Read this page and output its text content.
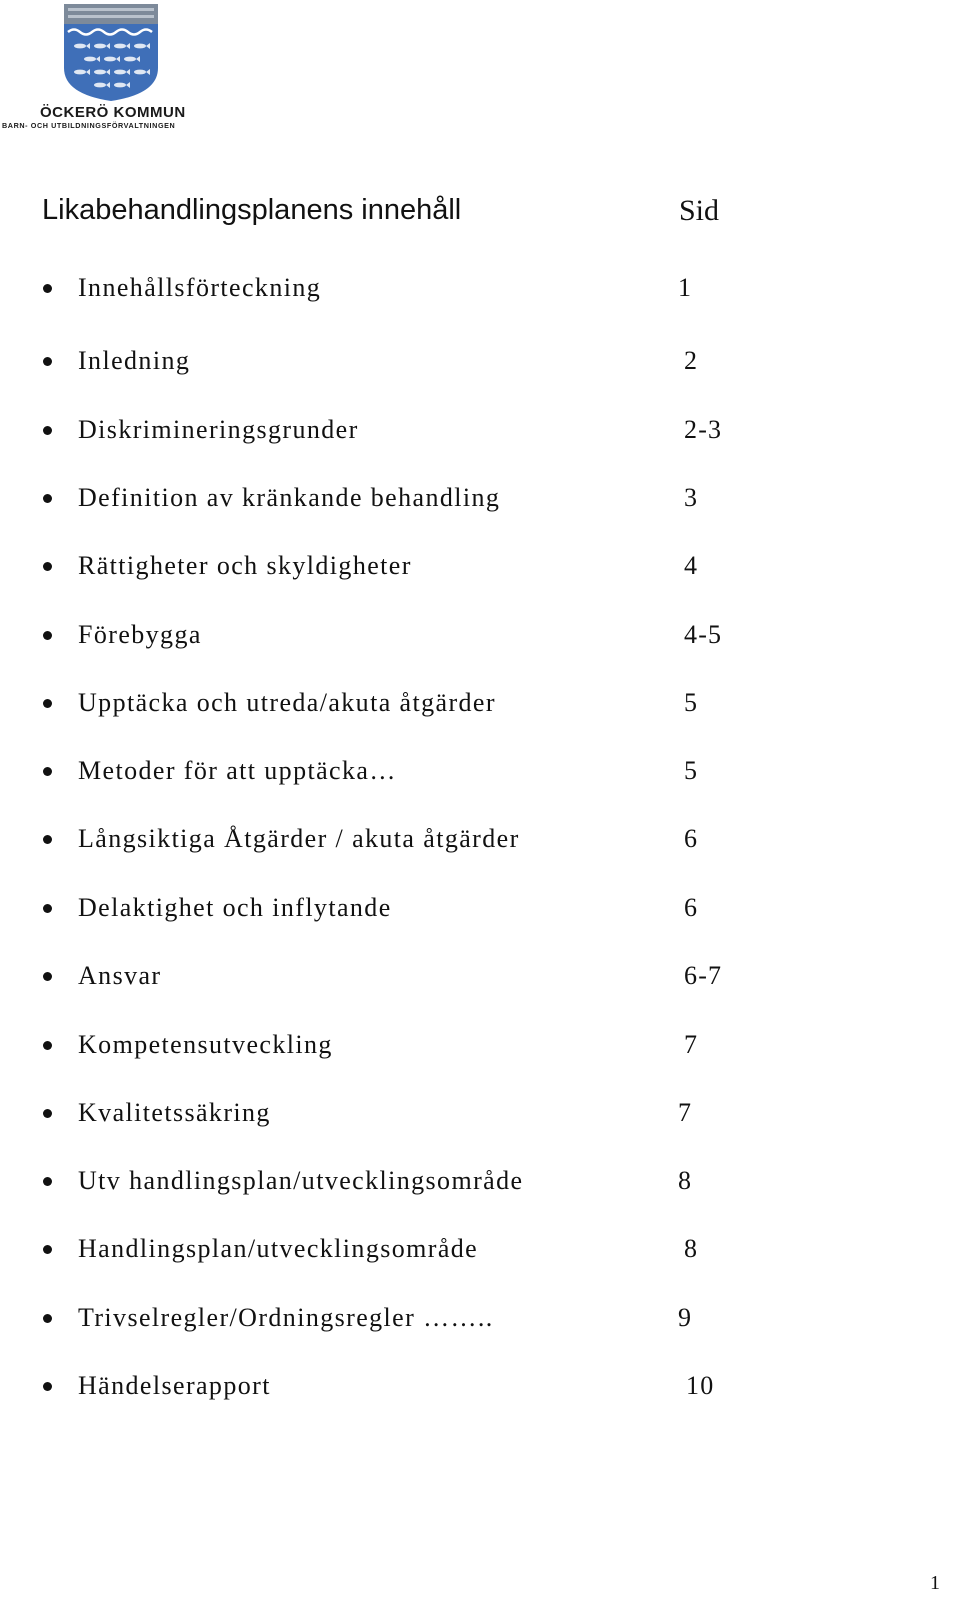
ÖCKERÖ KOMMUN
BARN- OCH UTBILDNINGSFÖRVALTNINGEN
Likabehandlingsplanens innehåll	Sid
Innehållsförteckning	1
Inledning	2
Diskrimineringsgrunder	2-3
Definition av kränkande behandling	3
Rättigheter och skyldigheter	4
Förebygga	4-5
Upptäcka och utreda/akuta åtgärder	5
Metoder för att upptäcka…	5
Långsiktiga Åtgärder / akuta åtgärder	6
Delaktighet och inflytande	6
Ansvar	6-7
Kompetensutveckling	7
Kvalitetssäkring	7
Utv handlingsplan/utvecklingsområde	8
Handlingsplan/utvecklingsområde	8
Trivselregler/Ordningsregler ……..	9
Händelserapport	10
1
